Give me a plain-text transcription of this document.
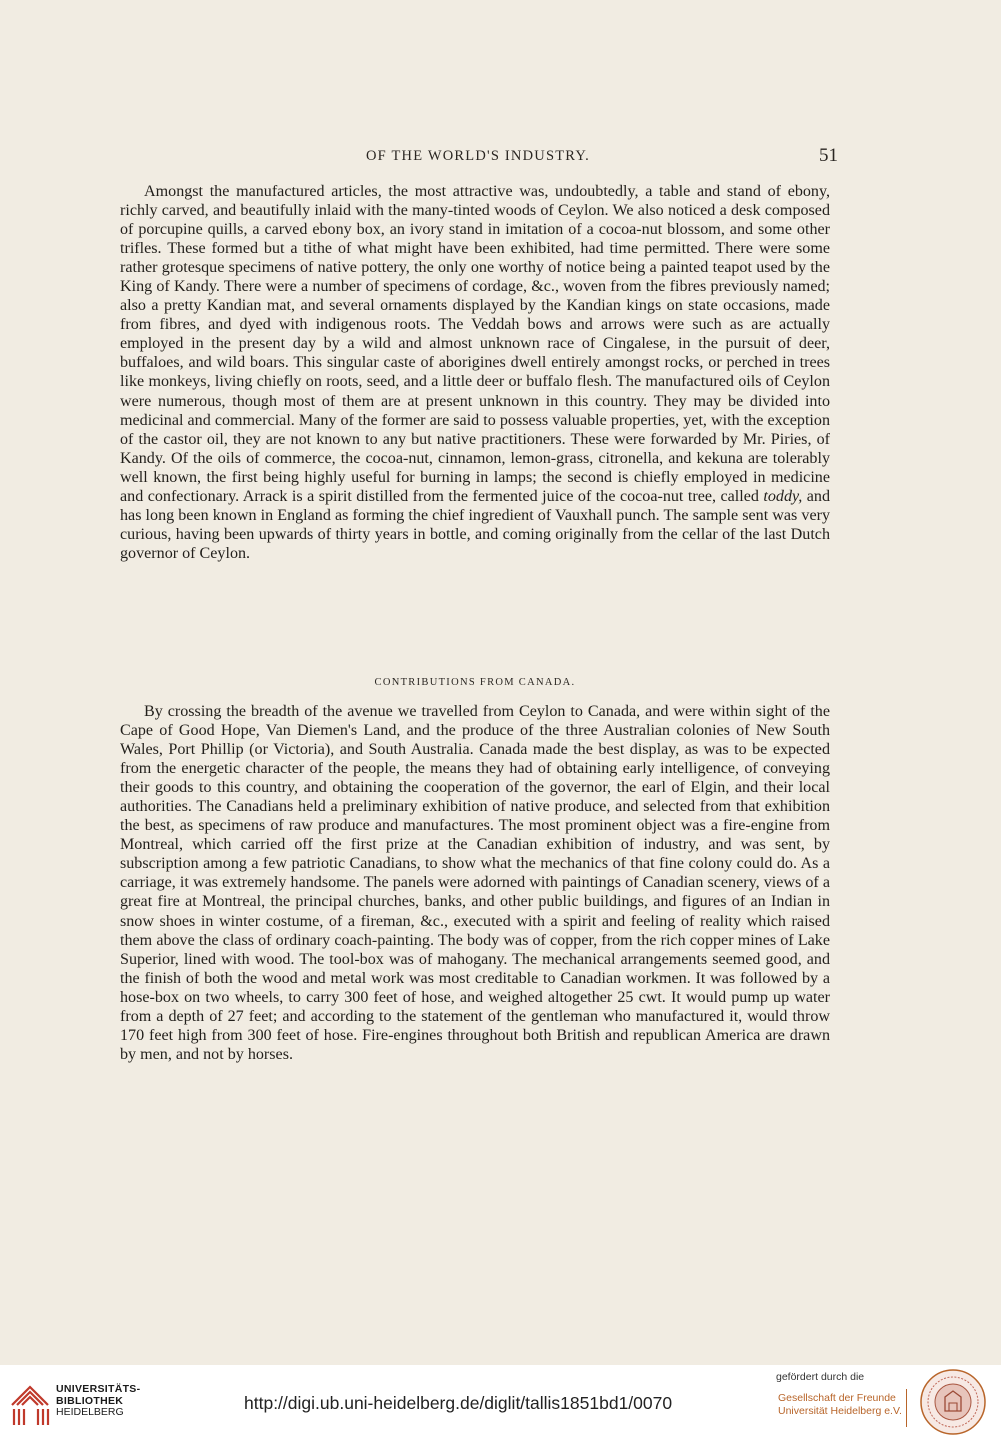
OF THE WORLD'S INDUSTRY.	51

Amongst the manufactured articles, the most attractive was, undoubtedly, a table and stand of ebony, richly carved, and beautifully inlaid with the many-tinted woods of Ceylon. We also noticed a desk composed of porcupine quills, a carved ebony box, an ivory stand in imitation of a cocoa-nut blossom, and some other trifles. These formed but a tithe of what might have been exhibited, had time permitted. There were some rather grotesque specimens of native pottery, the only one worthy of notice being a painted teapot used by the King of Kandy. There were a number of specimens of cordage, &c., woven from the fibres previously named; also a pretty Kandian mat, and several ornaments displayed by the Kandian kings on state occasions, made from fibres, and dyed with indigenous roots. The Veddah bows and arrows were such as are actually employed in the present day by a wild and almost unknown race of Cingalese, in the pursuit of deer, buffaloes, and wild boars. This singular caste of aborigines dwell entirely amongst rocks, or perched in trees like monkeys, living chiefly on roots, seed, and a little deer or buffalo flesh. The manufactured oils of Ceylon were numerous, though most of them are at present unknown in this country. They may be divided into medicinal and commercial. Many of the former are said to possess valuable properties, yet, with the exception of the castor oil, they are not known to any but native practitioners. These were forwarded by Mr. Piries, of Kandy. Of the oils of commerce, the cocoa-nut, cinnamon, lemon-grass, citronella, and kekuna are tolerably well known, the first being highly useful for burning in lamps; the second is chiefly employed in medicine and confectionary. Arrack is a spirit distilled from the fermented juice of the cocoa-nut tree, called toddy, and has long been known in England as forming the chief ingredient of Vauxhall punch. The sample sent was very curious, having been upwards of thirty years in bottle, and coming originally from the cellar of the last Dutch governor of Ceylon.

CONTRIBUTIONS FROM CANADA.

By crossing the breadth of the avenue we travelled from Ceylon to Canada, and were within sight of the Cape of Good Hope, Van Diemen's Land, and the produce of the three Australian colonies of New South Wales, Port Phillip (or Victoria), and South Australia. Canada made the best display, as was to be expected from the energetic character of the people, the means they had of obtaining early intelligence, of conveying their goods to this country, and obtaining the cooperation of the governor, the earl of Elgin, and their local authorities. The Canadians held a preliminary exhibition of native produce, and selected from that exhibition the best, as specimens of raw produce and manufactures. The most prominent object was a fire-engine from Montreal, which carried off the first prize at the Canadian exhibition of industry, and was sent, by subscription among a few patriotic Canadians, to show what the mechanics of that fine colony could do. As a carriage, it was extremely handsome. The panels were adorned with paintings of Canadian scenery, views of a great fire at Montreal, the principal churches, banks, and other public buildings, and figures of an Indian in snow shoes in winter costume, of a fireman, &c., executed with a spirit and feeling of reality which raised them above the class of ordinary coach-painting. The body was of copper, from the rich copper mines of Lake Superior, lined with wood. The tool-box was of mahogany. The mechanical arrangements seemed good, and the finish of both the wood and metal work was most creditable to Canadian workmen. It was followed by a hose-box on two wheels, to carry 300 feet of hose, and weighed altogether 25 cwt. It would pump up water from a depth of 27 feet; and according to the statement of the gentleman who manufactured it, would throw 170 feet high from 300 feet of hose. Fire-engines throughout both British and republican America are drawn by men, and not by horses.

UNIVERSITÄTS-
BIBLIOTHEK
HEIDELBERG	http://digi.ub.uni-heidelberg.de/diglit/tallis1851bd1/0070
gefördert durch die
Gesellschaft der Freunde
Universität Heidelberg e.V.
